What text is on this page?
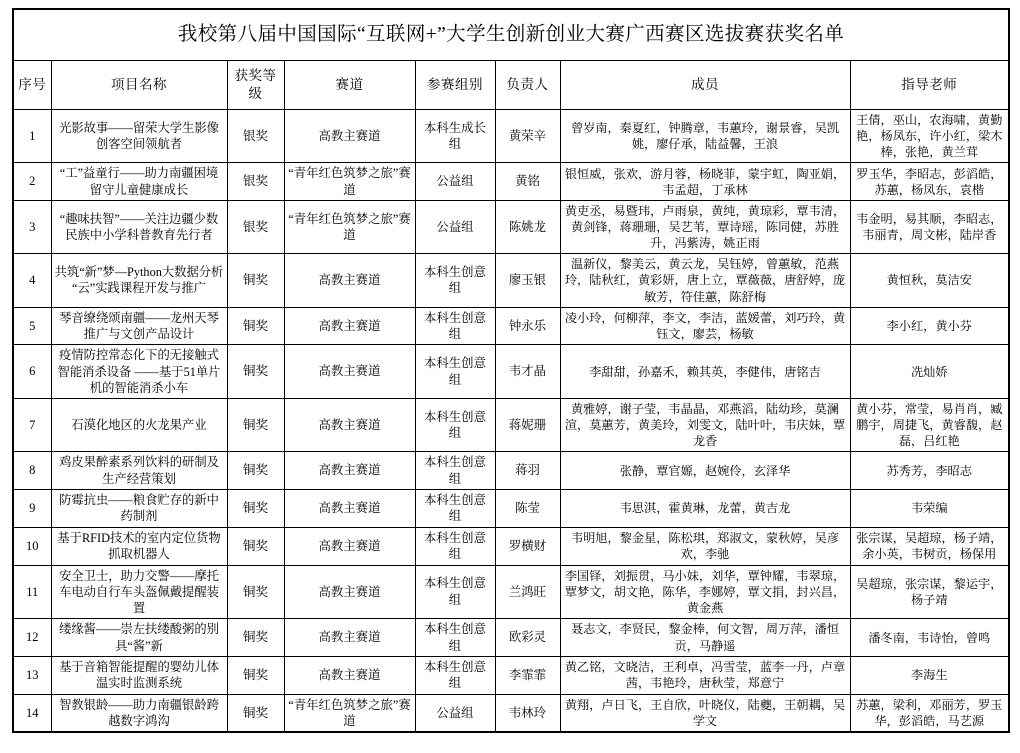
我校第八届中国国际“互联网+”大学生创新创业大赛广西赛区选拔赛获奖名单							
序号	项目名称	获奖等级	赛道	参赛组别	负责人	成员	指导老师
1	光影故事——留荣大学生影像创客空间领航者	银奖	高教主赛道	本科生成长组	黄荣辛	曾岁南，秦夏红，钟腾章，韦蕙玲，谢景睿，吴凯姚，廖仔承，陆益馨，王浪	王倩，巫山，农海啸，黄勤艳，杨凤东，许小红，梁木棒，张艳，黄兰茸
2	“工”益童行——助力南疆困境留守儿童健康成长	银奖	“青年红色筑梦之旅”赛道	公益组	黄铭	银恒威，张欢，游月蓉，杨晓菲，蒙宇虹，陶亚娟，韦孟超，丁承林	罗玉华，李昭志，彭滔皓，苏蕙，杨凤东，袁楷
3	“趣味扶智”——关注边疆少数民族中小学科普教育先行者	银奖	“青年红色筑梦之旅”赛道	公益组	陈姚龙	黄吏丞，易暨玮，卢雨泉，黄纯，黄琼彩，覃韦清，黄剑锋，蒋珊珊，吴艺苇，覃诗瑶，陈同健，苏胜升，冯紫涛，姚正雨	韦金明，易其顺，李昭志，韦丽青，周文彬，陆岸香
4	共筑“新”梦—Python大数据分析“云”实践课程开发与推广	铜奖	高教主赛道	本科生创意组	廖玉银	温新仪，黎美云，黄云龙，吴钰婷，曾蕙敏，范燕玲，陆秋红，黄彩妍，唐上立，覃薇薇，唐舒婷，庞敏芳，符佳蕙，陈舒梅	黄恒秋，莫洁安
5	琴音缭绕颂南疆——龙州天琴推广与文创产品设计	铜奖	高教主赛道	本科生创意组	钟永乐	凌小玲，何柳萍，李文，李洁，蓝媛蕾，刘巧玲，黄钰文，廖芸，杨敏	李小红，黄小芬
6	疫情防控常态化下的无接触式智能消杀设备 ——基于51单片机的智能消杀小车	铜奖	高教主赛道	本科生创意组	韦才晶	李甜甜，孙嘉禾，赖其英，李健伟，唐铭吉	冼灿娇
7	石漠化地区的火龙果产业	铜奖	高教主赛道	本科生创意组	蒋妮珊	黄雅婷，谢子莹，韦晶晶，邓燕滔，陆幼珍，莫澜渲，莫蕙芳，黄美玲，刘雯文，陆叶叶，韦庆妹，覃龙香	黄小芬，常莹，易肖肖，臧鹏宇，周捷飞，黄睿馥，赵磊，吕红艳
8	鸡皮果醉素系列饮料的研制及生产经营策划	铜奖	高教主赛道	本科生创意组	蒋羽	张静，覃官嫄，赵婉伶，玄泽华	苏秀芳，李昭志
9	防霉抗虫——粮食贮存的新中药制剂	铜奖	高教主赛道	本科生创意组	陈莹	韦思淇，霍黄琳，龙蕾，黄吉龙	韦荣编
10	基于RFID技术的室内定位货物抓取机器人	铜奖	高教主赛道	本科生创意组	罗横财	韦明旭，黎金星，陈松琪，郑淑文，蒙秋婷，吴彦欢，李驰	张宗谋，吴超琼，杨子靖，余小英，韦树贡，杨保用
11	安全卫士，助力交警——摩托车电动自行车头盔佩戴提醒装置	铜奖	高教主赛道	本科生创意组	兰鸿旺	李国铎，刘振贯，马小妹，刘华，覃钟耀，韦翠琼，覃梦文，胡文艳，陈华，李娜婷，覃文捐，封兴昌，黄金燕	吴超琼，张宗谋，黎运宇，杨子靖
12	缕缘酱——崇左扶缕酸粥的别具“酱”新	铜奖	高教主赛道	本科生创意组	欧彩灵	聂志文，李贤民，黎金棒，何文智，周万萍，潘恒贡，马静遥	潘冬南，韦诗怡，曾鸣
13	基于音箱智能提醒的婴幼儿体温实时监测系统	铜奖	高教主赛道	本科生创意组	李霏霏	黄乙铭，文晓洁，王利卓，冯雪莹，蓝李一丹，卢章茜，韦艳玲，唐秋莹，郑意宁	李海生
14	智教银龄——助力南疆银龄跨越数字鸿沟	铜奖	“青年红色筑梦之旅”赛道	公益组	韦林玲	黄翔，卢日飞，王自欣，叶晓仪，陆夔，王朝耦，吴学文	苏蕙，梁利，邓丽芳，罗玉华，彭滔皓，马艺源
